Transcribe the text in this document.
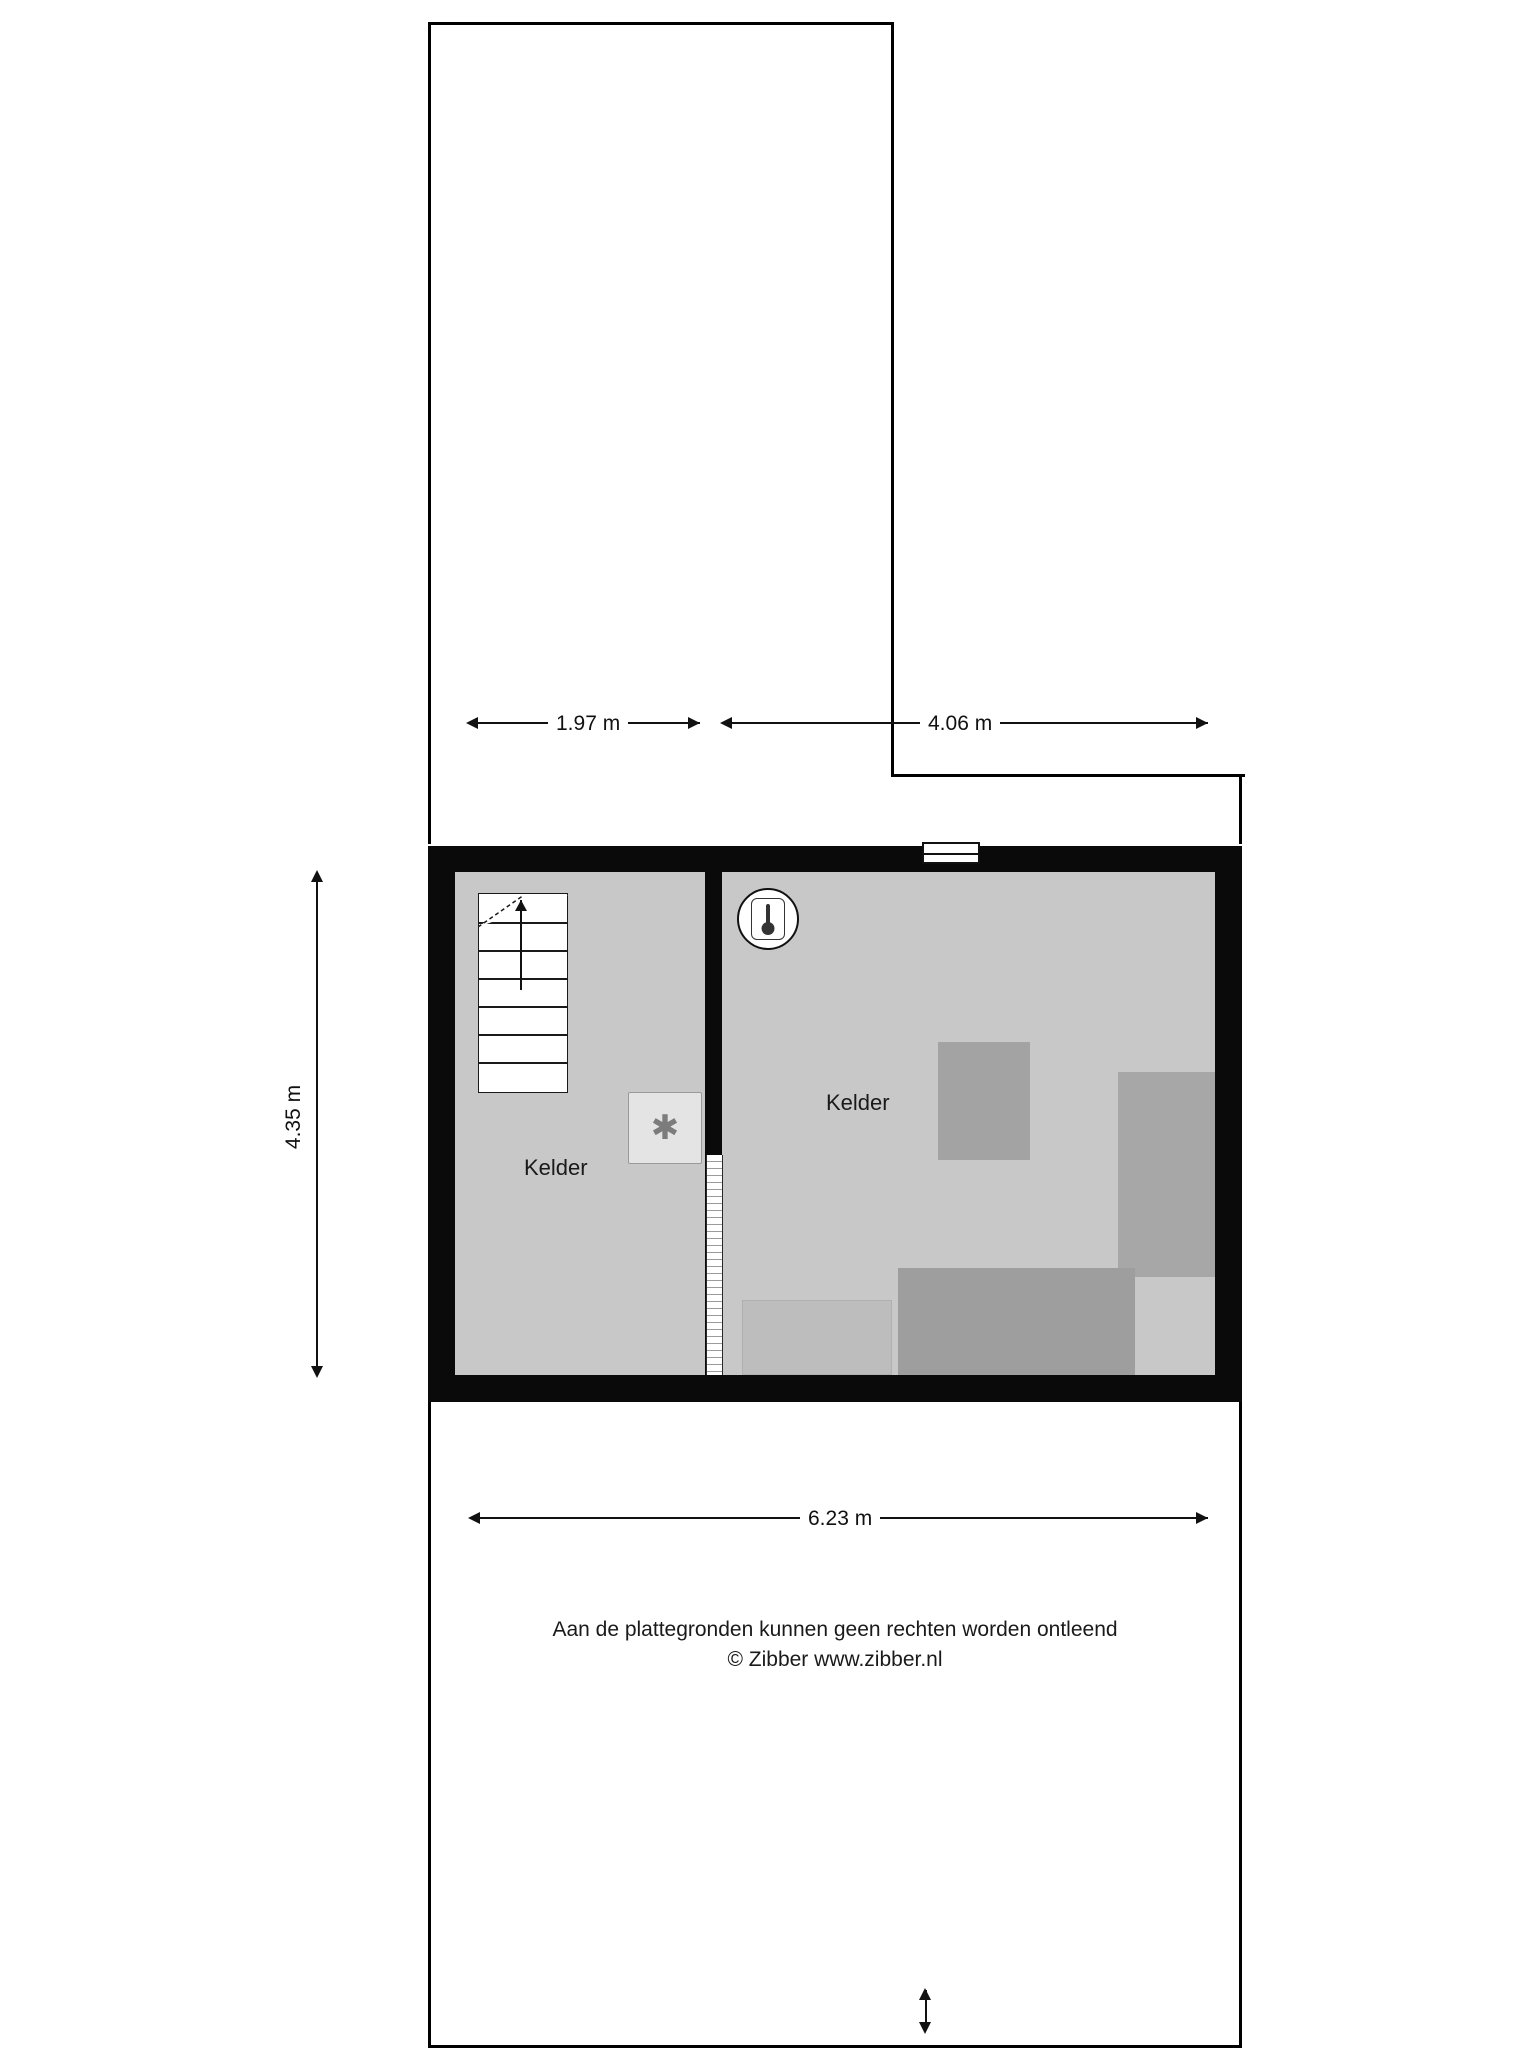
✱
Kelder
Kelder
1.97 m	4.06 m
4.35 m
6.23 m
Aan de plattegronden kunnen geen rechten worden ontleend
© Zibber www.zibber.nl
